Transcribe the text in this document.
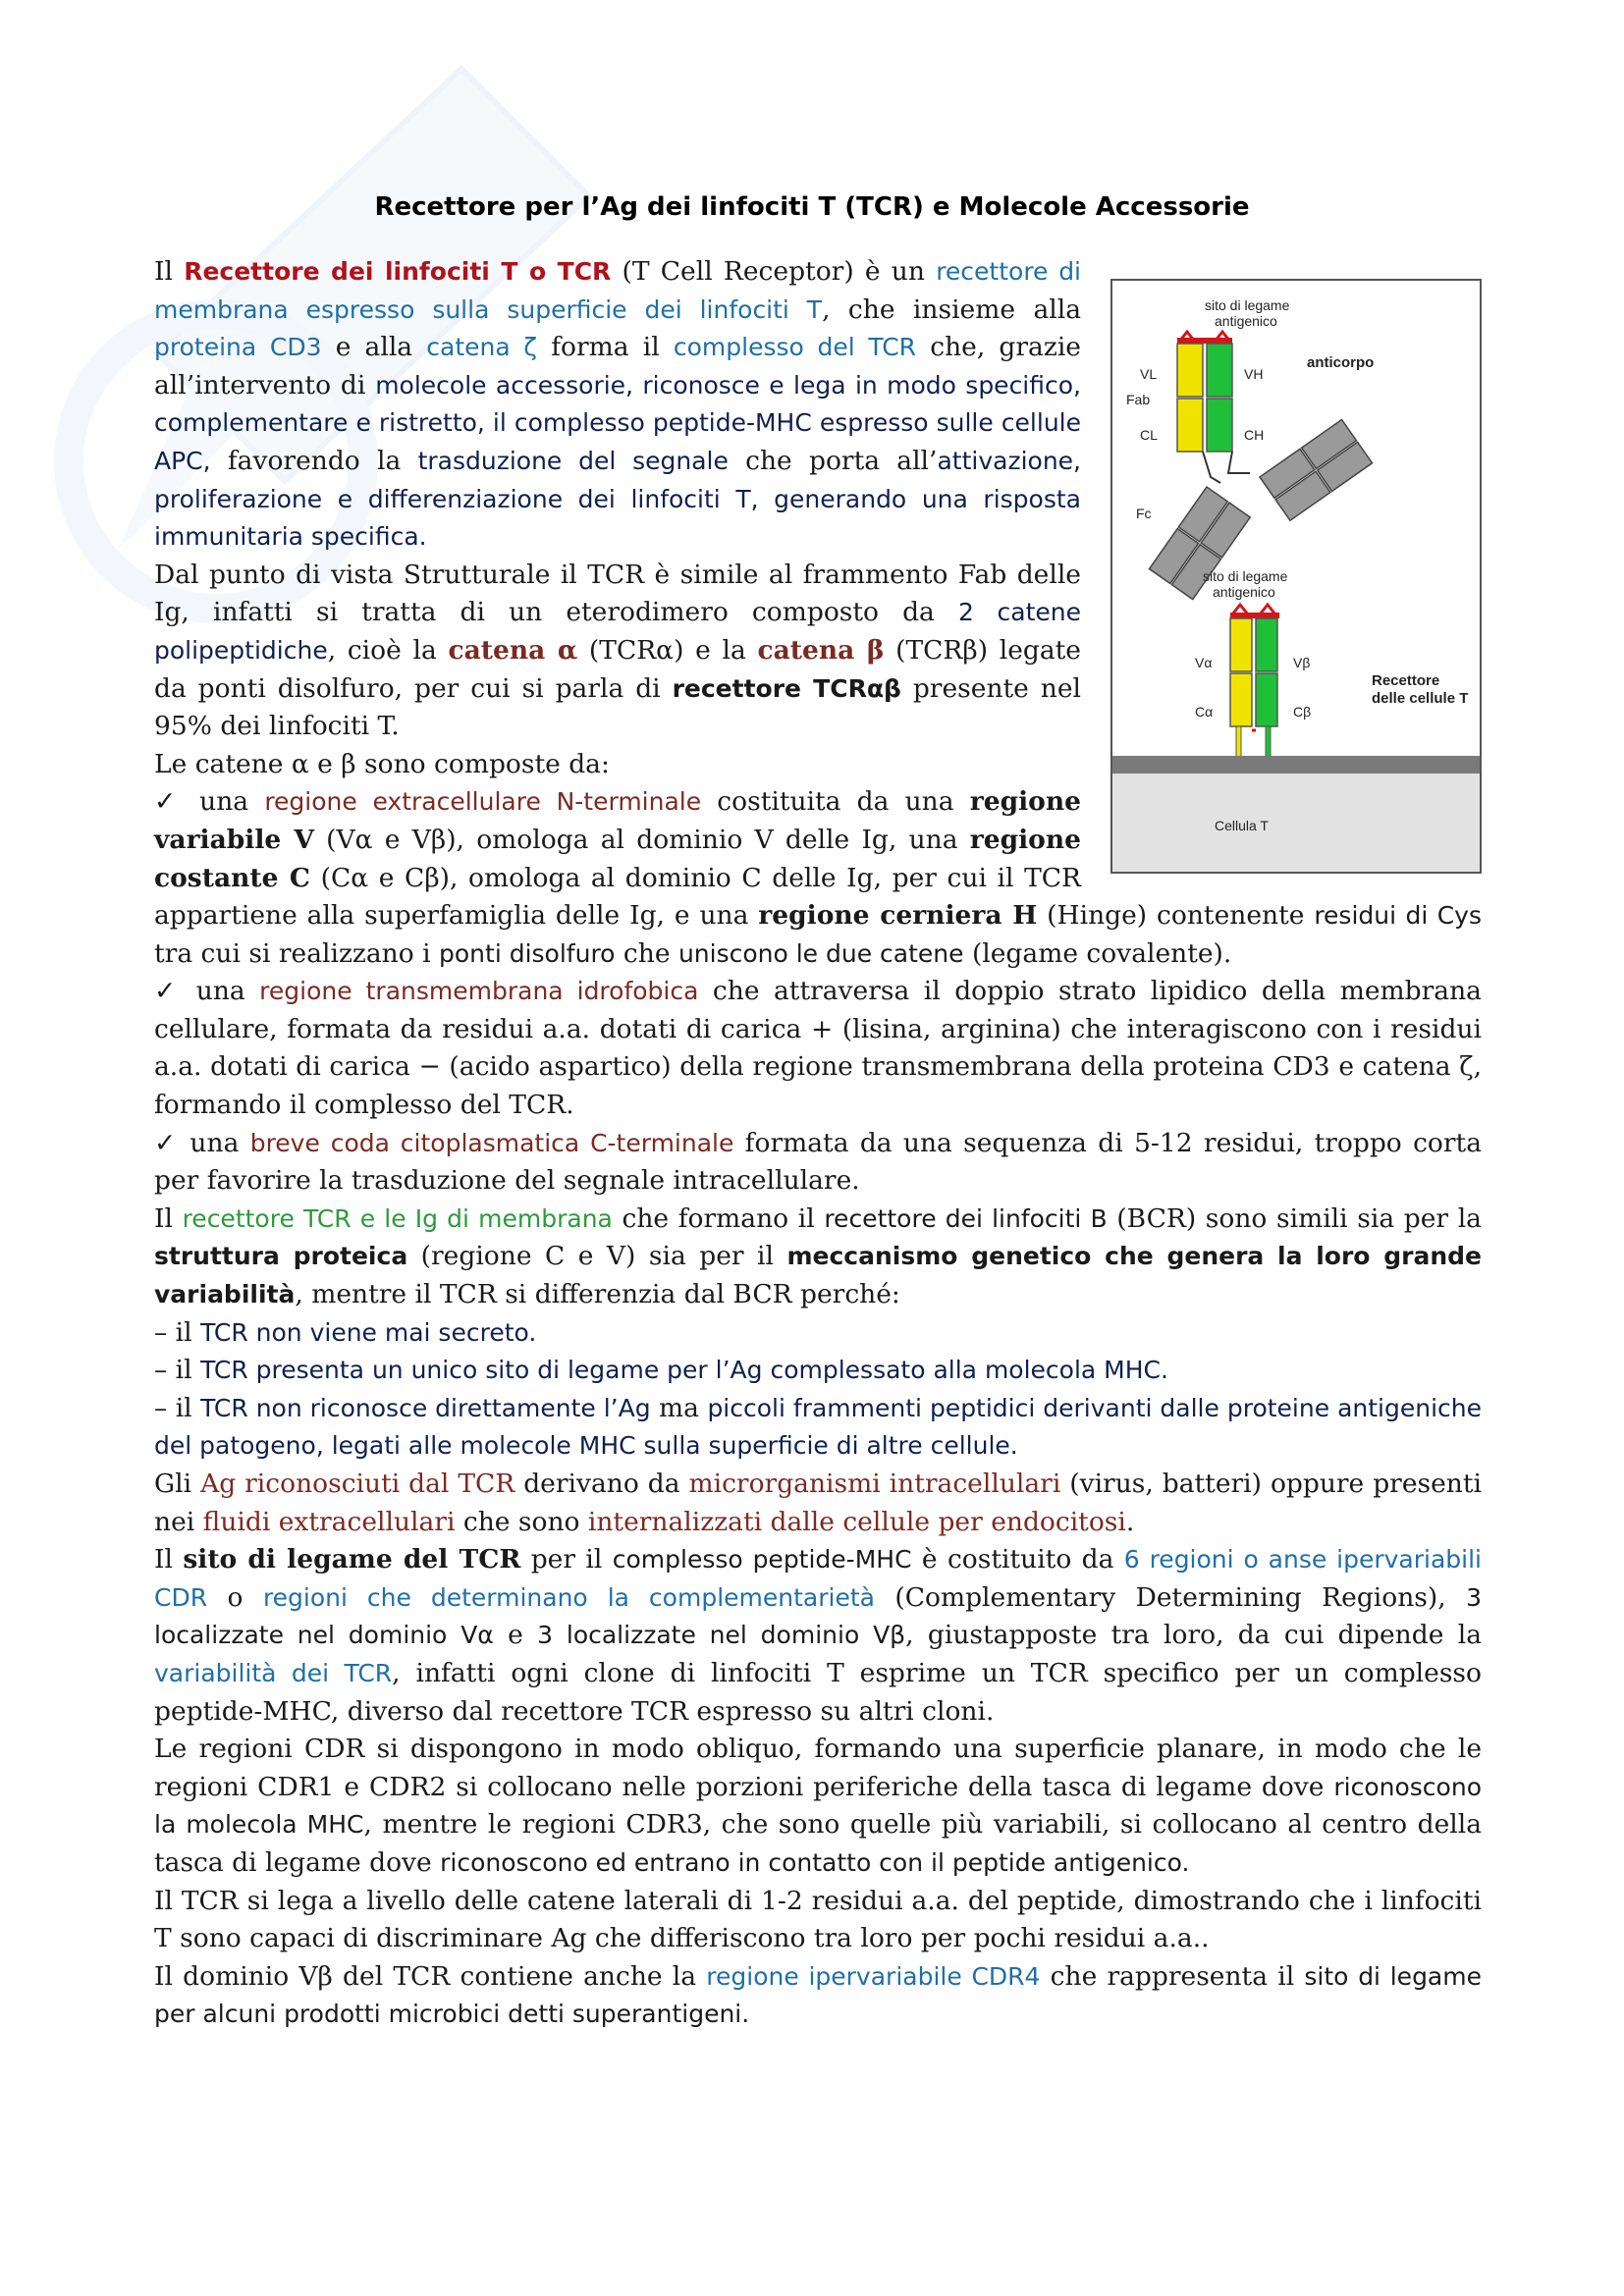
Recettore per l’Ag dei linfociti T (TCR) e Molecole Accessorie
sito di legame
antigenico
anticorpo
Fab
VL	VH
CL	CH
Fc
sito di legame
antigenico
Vα	Vβ
Cα	Cβ
Recettore
delle cellule T
Cellula T

Il Recettore dei linfociti T o TCR (T Cell Receptor) è un recettore di membrana espresso sulla superficie dei linfociti T, che insieme alla proteina CD3 e alla catena ζ forma il complesso del TCR che, grazie all’intervento di molecole accessorie, riconosce e lega in modo specifico, complementare e ristretto, il complesso peptide-MHC espresso sulle cellule APC, favorendo la trasduzione del segnale che porta all’attivazione, proliferazione e differenziazione dei linfociti T, generando una risposta immunitaria specifica.

Dal punto di vista Strutturale il TCR è simile al frammento Fab delle Ig, infatti si tratta di un eterodimero composto da 2 catene polipeptidiche, cioè la catena α (TCRα) e la catena β (TCRβ) legate da ponti disolfuro, per cui si parla di recettore TCRαβ presente nel 95% dei linfociti T.

Le catene α e β sono composte da:

✓ una regione extracellulare N-terminale costituita da una regione variabile V (Vα e Vβ), omologa al dominio V delle Ig, una regione costante C (Cα e Cβ), omologa al dominio C delle Ig, per cui il TCR appartiene alla superfamiglia delle Ig, e una regione cerniera H (Hinge) contenente residui di Cys tra cui si realizzano i ponti disolfuro che uniscono le due catene (legame covalente).

✓ una regione transmembrana idrofobica che attraversa il doppio strato lipidico della membrana cellulare, formata da residui a.a. dotati di carica + (lisina, arginina) che interagiscono con i residui a.a. dotati di carica − (acido aspartico) della regione transmembrana della proteina CD3 e catena ζ, formando il complesso del TCR.

✓ una breve coda citoplasmatica C-terminale formata da una sequenza di 5-12 residui, troppo corta per favorire la trasduzione del segnale intracellulare.

Il recettore TCR e le Ig di membrana che formano il recettore dei linfociti B (BCR) sono simili sia per la struttura proteica (regione C e V) sia per il meccanismo genetico che genera la loro grande variabilità, mentre il TCR si differenzia dal BCR perché:

– il TCR non viene mai secreto.

– il TCR presenta un unico sito di legame per l’Ag complessato alla molecola MHC.

– il TCR non riconosce direttamente l’Ag ma piccoli frammenti peptidici derivanti dalle proteine antigeniche del patogeno, legati alle molecole MHC sulla superficie di altre cellule.

Gli Ag riconosciuti dal TCR derivano da microrganismi intracellulari (virus, batteri) oppure presenti nei fluidi extracellulari che sono internalizzati dalle cellule per endocitosi.

Il sito di legame del TCR per il complesso peptide-MHC è costituito da 6 regioni o anse ipervariabili CDR o regioni che determinano la complementarietà (Complementary Determining Regions), 3 localizzate nel dominio Vα e 3 localizzate nel dominio Vβ, giustapposte tra loro, da cui dipende la variabilità dei TCR, infatti ogni clone di linfociti T esprime un TCR specifico per un complesso peptide-MHC, diverso dal recettore TCR espresso su altri cloni.

Le regioni CDR si dispongono in modo obliquo, formando una superficie planare, in modo che le regioni CDR1 e CDR2 si collocano nelle porzioni periferiche della tasca di legame dove riconoscono la molecola MHC, mentre le regioni CDR3, che sono quelle più variabili, si collocano al centro della tasca di legame dove riconoscono ed entrano in contatto con il peptide antigenico.

Il TCR si lega a livello delle catene laterali di 1-2 residui a.a. del peptide, dimostrando che i linfociti T sono capaci di discriminare Ag che differiscono tra loro per pochi residui a.a..

Il dominio Vβ del TCR contiene anche la regione ipervariabile CDR4 che rappresenta il sito di legame per alcuni prodotti microbici detti superantigeni.
